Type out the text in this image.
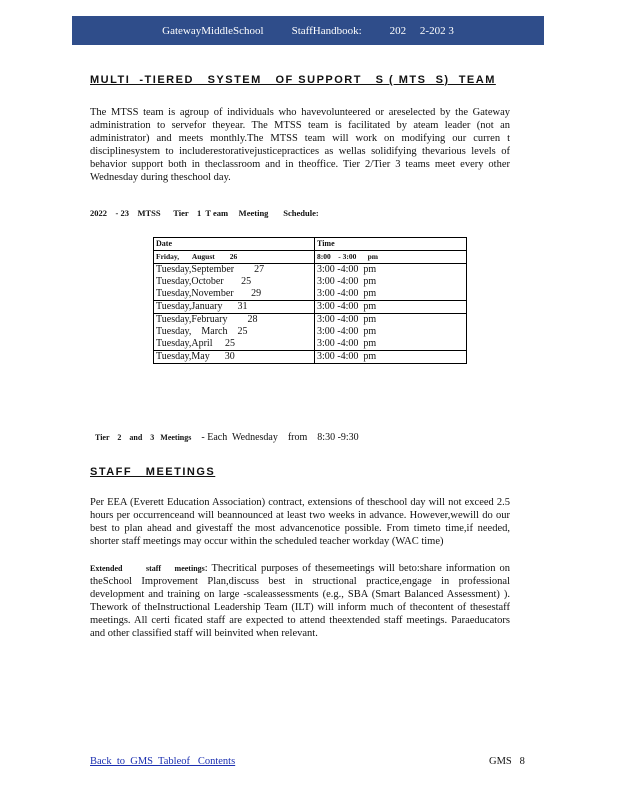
GatewayMiddleSchool	StaffHandbook:	202     2-202 3
MULTI  -TIERED   SYSTEM   OF SUPPORT   S ( MTS  S)  TEAM

The MTSS team is agroup of individuals who havevolunteered or areselected by the Gateway administration to servefor theyear. The MTSS team is facilitated by ateam leader (not an administrator) and meets monthly.The MTSS team will work on modifying our curren t disciplinesystem to includerestorativejusticepractices as wellas solidifying thevarious levels of behavior support both in theclassroom and in theoffice. Tier 2/Tier 3 teams meet every other Wednesday during theschool day.

2022    - 23    MTSS      Tier    1  T eam     Meeting       Schedule:

Date	Time
Friday,       August        26	8:00    - 3:00      pm
Tuesday,September        27	3:00 -4:00  pm
Tuesday,October       25	3:00 -4:00  pm
Tuesday,November       29	3:00 -4:00  pm
Tuesday,January      31	3:00 -4:00  pm
Tuesday,February        28	3:00 -4:00  pm
Tuesday,    March    25	3:00 -4:00  pm
Tuesday,April     25	3:00 -4:00  pm
Tuesday,May      30	3:00 -4:00  pm

Tier    2    and    3   Meetings - Each  Wednesday    from    8:30 -9:30

STAFF   MEETINGS

Per EEA (Everett Education Association) contract, extensions of theschool day will not exceed 2.5 hours per occurrenceand will beannounced at least two weeks in advance. However,wewill do our best to plan ahead and givestaff the most advancenotice possible. From timeto time,if needed, shorter staff meetings may occur within the scheduled teacher workday (WAC time)

Extended       staff    meetings: Thecritical purposes of thesemeetings will beto:share information on theSchool Improvement Plan,discuss best in structional practice,engage in professional development and training on large -scaleassessments (e.g., SBA (Smart Balanced Assessment) ). Thework of theInstructional Leadership Team (ILT) will inform much of thecontent of thesestaff meetings. All certi ficated staff are expected to attend theextended staff meetings. Paraeducators and other classified staff will beinvited when relevant.

Back  to  GMS  Tableof   Contents	GMS   8
